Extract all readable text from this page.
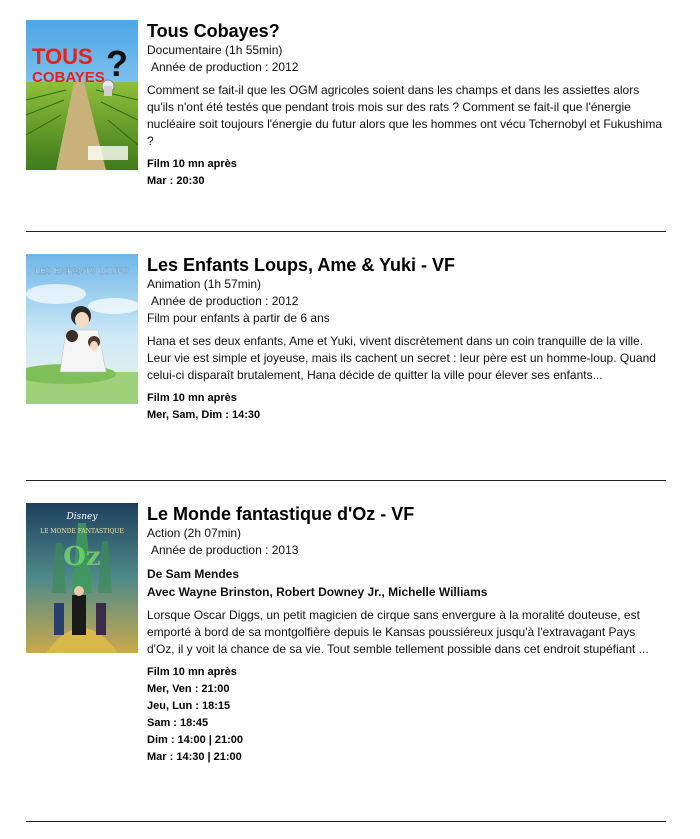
TOUS
COBAYES ?
Tous Cobayes?
Documentaire (1h 55min)
Année de production : 2012

Comment se fait-il que les OGM agricoles soient dans les champs et dans les assiettes alors qu'ils n'ont été testés que pendant trois mois sur des rats ? Comment se fait-il que l'énergie nucléaire soit toujours l'énergie du futur alors que les hommes ont vécu Tchernobyl et Fukushima ?

Film 10 mn après
Mar : 20:30
LES ENFANTS LOUPS Les Enfants Loups, Ame & Yuki - VF
Animation (1h 57min)
Année de production : 2012
Film pour enfants à partir de 6 ans

Hana et ses deux enfants, Ame et Yuki, vivent discrètement dans un coin tranquille de la ville. Leur vie est simple et joyeuse, mais ils cachent un secret : leur père est un homme-loup. Quand celui-ci disparaît brutalement, Hana décide de quitter la ville pour élever ses enfants...

Film 10 mn après
Mer, Sam, Dim : 14:30
Disney
LE MONDE FANTASTIQUE
Oz
Le Monde fantastique d'Oz - VF
Action (2h 07min)
Année de production : 2013
De Sam Mendes
Avec Wayne Brinston, Robert Downey Jr., Michelle Williams

Lorsque Oscar Diggs, un petit magicien de cirque sans envergure à la moralité douteuse, est emporté à bord de sa montgolfière depuis le Kansas poussiéreux jusqu'à l'extravagant Pays d'Oz, il y voit la chance de sa vie. Tout semble tellement possible dans cet endroit stupéfiant ...

Film 10 mn après
Mer, Ven : 21:00
Jeu, Lun : 18:15
Sam : 18:45
Dim : 14:00 | 21:00
Mar : 14:30 | 21:00
